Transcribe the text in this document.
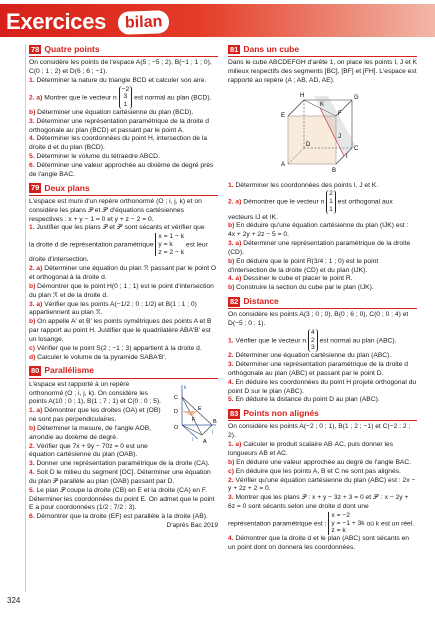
Exercices	bilan
78 Quatre points

On considère les points de l'espace A(5 ; −5 ; 2), B(−1 ; 1 ; 0), C(0 ; 1 ; 2) et D(6 ; 6 ; −1).

1. Déterminer la nature du triangle BCD et calculer son aire.

2. a) Montrer que le vecteur n −2
3
1 est normal au plan (BCD).

b) Déterminer une équation cartésienne du plan (BCD).

3. Déterminer une représentation paramétrique de la droite d orthogonale au plan (BCD) et passant par le point A.

4. Déterminer les coordonnées du point H, intersection de la droite d et du plan (BCD).

5. Déterminer le volume du tétraèdre ABCD.

6. Déterminer une valeur approchée au dixième de degré près de l'angle BAC.

79 Deux plans

L'espace est muni d'un repère orthonormé (O ; i, j, k) et on considère les plans 𝒫 et 𝒫′ d'équations cartésiennes respectives : x + y − 1 = 0 et y + z − 2 = 0.

1. Justifier que les plans 𝒫 et 𝒫′ sont sécants et vérifier que

la droite d de représentation paramétrique x = 1 − k
y = k
z = 2 − k est leur droite d'intersection.

2. a) Déterminer une équation du plan ℛ passant par le point O et orthogonal à la droite d.

b) Démontrer que le point H(0 ; 1 ; 1) est le point d'intersection du plan ℛ et de la droite d.

3. a) Vérifier que les points A(−1/2 ; 0 ; 1/2) et B(1 ; 1 ; 0) appartiennent au plan ℛ.

b) On appelle A′ et B′ les points symétriques des points A et B par rapport au point H. Justifier que le quadrilatère ABA′B′ est un losange.

c) Vérifier que le point S(2 ; −1 ; 3) appartient à la droite d.

d) Calculer le volume de la pyramide SABA′B′.

80 Parallélisme
C
D
F
E
O
A
B
k
j
i

L'espace est rapporté à un repère orthonormé (O ; i, j, k). On considère les points A(10 ; 0 ; 1), B(1 ; 7 ; 1) et C(0 ; 0 ; 5).

1. a) Démontrer que les droites (OA) et (OB) ne sont pas perpendiculaires.

b) Déterminer la mesure, de l'angle AOB, arrondie au dixième de degré.

2. Vérifier que 7x + 9y − 70z = 0 est une équation cartésienne du plan (OAB).

3. Donner une représentation paramétrique de la droite (CA).

4. Soit D le milieu du segment [OC]. Déterminer une équation du plan 𝒫 parallèle au plan (OAB) passant par D.

5. Le plan 𝒫 coupe la droite (CB) en E et la droite (CA) en F. Déterminer les coordonnées du point E. On admet que le point E a pour coordonnées (1/2 ; 7/2 ; 3).

6. Démontrer que la droite (EF) est parallèle à la droite (AB).

D'après Bac 2019

81 Dans un cube

Dans le cube ABCDEFGH d'arête 1, on place les points I, J et K milieux respectifs des segments [BC], [BF] et [FH]. L'espace est rapporté au repère (A ; AB, AD, AE).

H	G
E
K
F
J
D
C
A
I
B

1. Déterminer les coordonnées des points I, J et K.

2. a) Démontrer que le vecteur n 2
1
1 est orthogonal aux vecteurs IJ et IK.

b) En déduire qu'une équation cartésienne du plan (IJK) est : 4x + 2y + 2z − 5 = 0.

3. a) Déterminer une représentation paramétrique de la droite (CD).

b) En déduire que le point R(3/4 ; 1 ; 0) est le point d'intersection de la droite (CD) et du plan (IJK).

4. a) Dessiner le cube et placer le point R.

b) Construire la section du cube par le plan (IJK).

82 Distance

On considère les points A(3 ; 0 ; 0), B(0 ; 6 ; 0), C(0 ; 0 ; 4) et D(−5 ; 0 ; 1).

1. Vérifier que le vecteur n 4
2
3 est normal au plan (ABC).

2. Déterminer une équation cartésienne du plan (ABC).

3. Déterminer une représentation paramétrique de la droite d orthogonale au plan (ABC) et passant par le point D.

4. En déduire les coordonnées du point H projeté orthogonal du point D sur le plan (ABC).

5. En déduire la distance du point D au plan (ABC).

83 Points non alignés

On considère les points A(−2 ; 0 ; 1), B(1 ; 2 ; −1) et C(−2 ; 2 ; 2).

1. a) Calculer le produit scalaire AB·AC, puis donner les longueurs AB et AC.

b) En déduire une valeur approchée au degré de l'angle BAC.

c) En déduire que les points A, B et C ne sont pas alignés.

2. Vérifier qu'une équation cartésienne du plan (ABC) est : 2x − y + 2z + 2 = 0.

3. Montrer que les plans 𝒫 : x + y − 3z + 3 = 0 et 𝒫′ : x − 2y + 6z = 0 sont sécants selon une droite d dont une

représentation paramétrique est : x = −2
y = −1 + 3k
z = k où k est un réel.

4. Démontrer que la droite d et le plan (ABC) sont sécants en un point dont on donnera les coordonnées.

324
